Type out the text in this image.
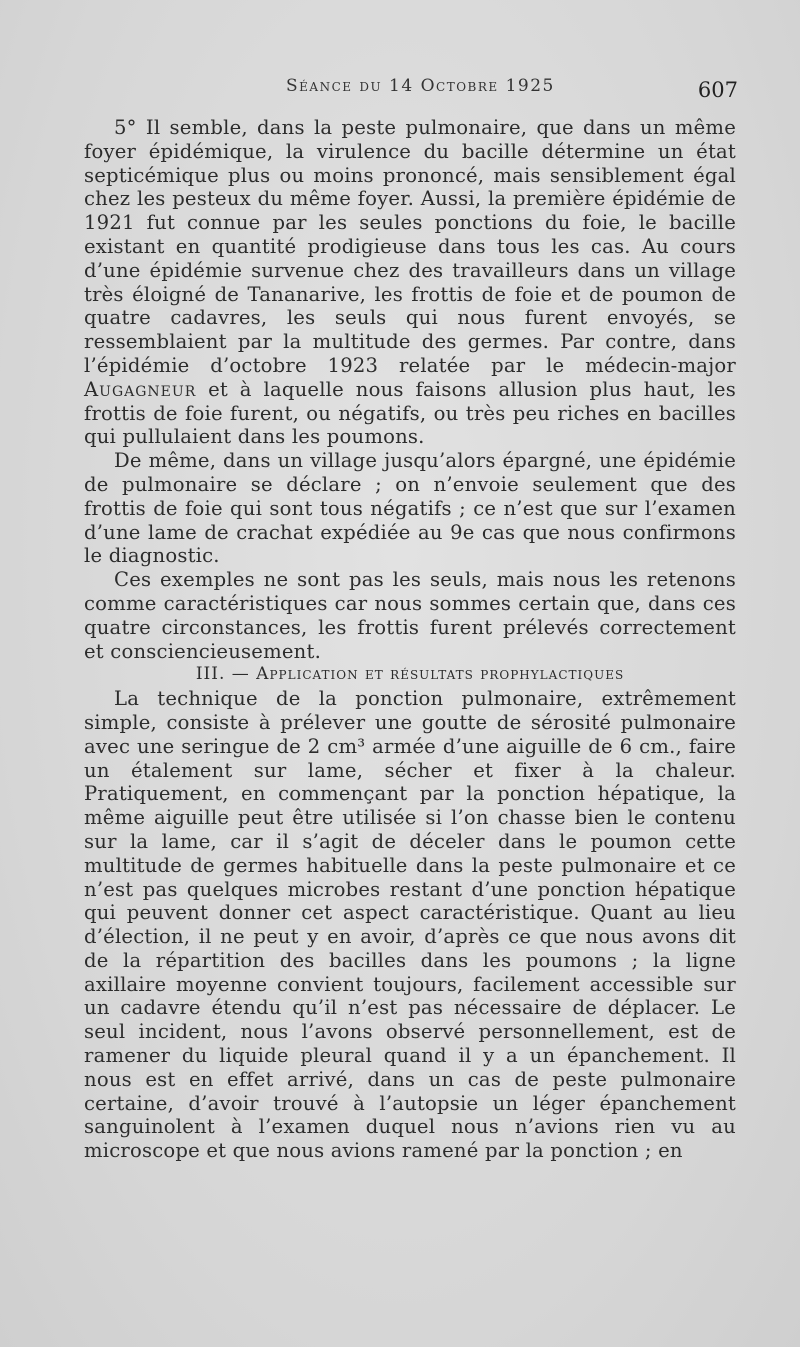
Séance du 14 Octobre 1925	607

5° Il semble, dans la peste pulmonaire, que dans un même foyer épidémique, la virulence du bacille détermine un état septicémique plus ou moins prononcé, mais sensiblement égal chez les pesteux du même foyer. Aussi, la première épidémie de 1921 fut connue par les seules ponctions du foie, le bacille existant en quantité prodigieuse dans tous les cas. Au cours d’une épidémie survenue chez des travailleurs dans un village très éloigné de Tananarive, les frottis de foie et de poumon de quatre cadavres, les seuls qui nous furent envoyés, se ressemblaient par la multitude des germes. Par contre, dans l’épidémie d’octobre 1923 relatée par le médecin-major Augagneur et à laquelle nous faisons allusion plus haut, les frottis de foie furent, ou négatifs, ou très peu riches en bacilles qui pullulaient dans les poumons.

De même, dans un village jusqu’alors épargné, une épidémie de pulmonaire se déclare ; on n’envoie seulement que des frottis de foie qui sont tous négatifs ; ce n’est que sur l’examen d’une lame de crachat expédiée au 9e cas que nous confirmons le diagnostic.

Ces exemples ne sont pas les seuls, mais nous les retenons comme caractéristiques car nous sommes certain que, dans ces quatre circonstances, les frottis furent prélevés correctement et consciencieusement.

III. — Application et résultats prophylactiques

La technique de la ponction pulmonaire, extrêmement simple, consiste à prélever une goutte de sérosité pulmonaire avec une seringue de 2 cm³ armée d’une aiguille de 6 cm., faire un étalement sur lame, sécher et fixer à la chaleur. Pratiquement, en commençant par la ponction hépatique, la même aiguille peut être utilisée si l’on chasse bien le contenu sur la lame, car il s’agit de déceler dans le poumon cette multitude de germes habituelle dans la peste pulmonaire et ce n’est pas quelques microbes restant d’une ponction hépatique qui peuvent donner cet aspect caractéristique. Quant au lieu d’élection, il ne peut y en avoir, d’après ce que nous avons dit de la répartition des bacilles dans les poumons ; la ligne axillaire moyenne convient toujours, facilement accessible sur un cadavre étendu qu’il n’est pas nécessaire de déplacer. Le seul incident, nous l’avons observé personnellement, est de ramener du liquide pleural quand il y a un épanchement. Il nous est en effet arrivé, dans un cas de peste pulmonaire certaine, d’avoir trouvé à l’autopsie un léger épanchement sanguinolent à l’examen duquel nous n’avions rien vu au microscope et que nous avions ramené par la ponction ; en
